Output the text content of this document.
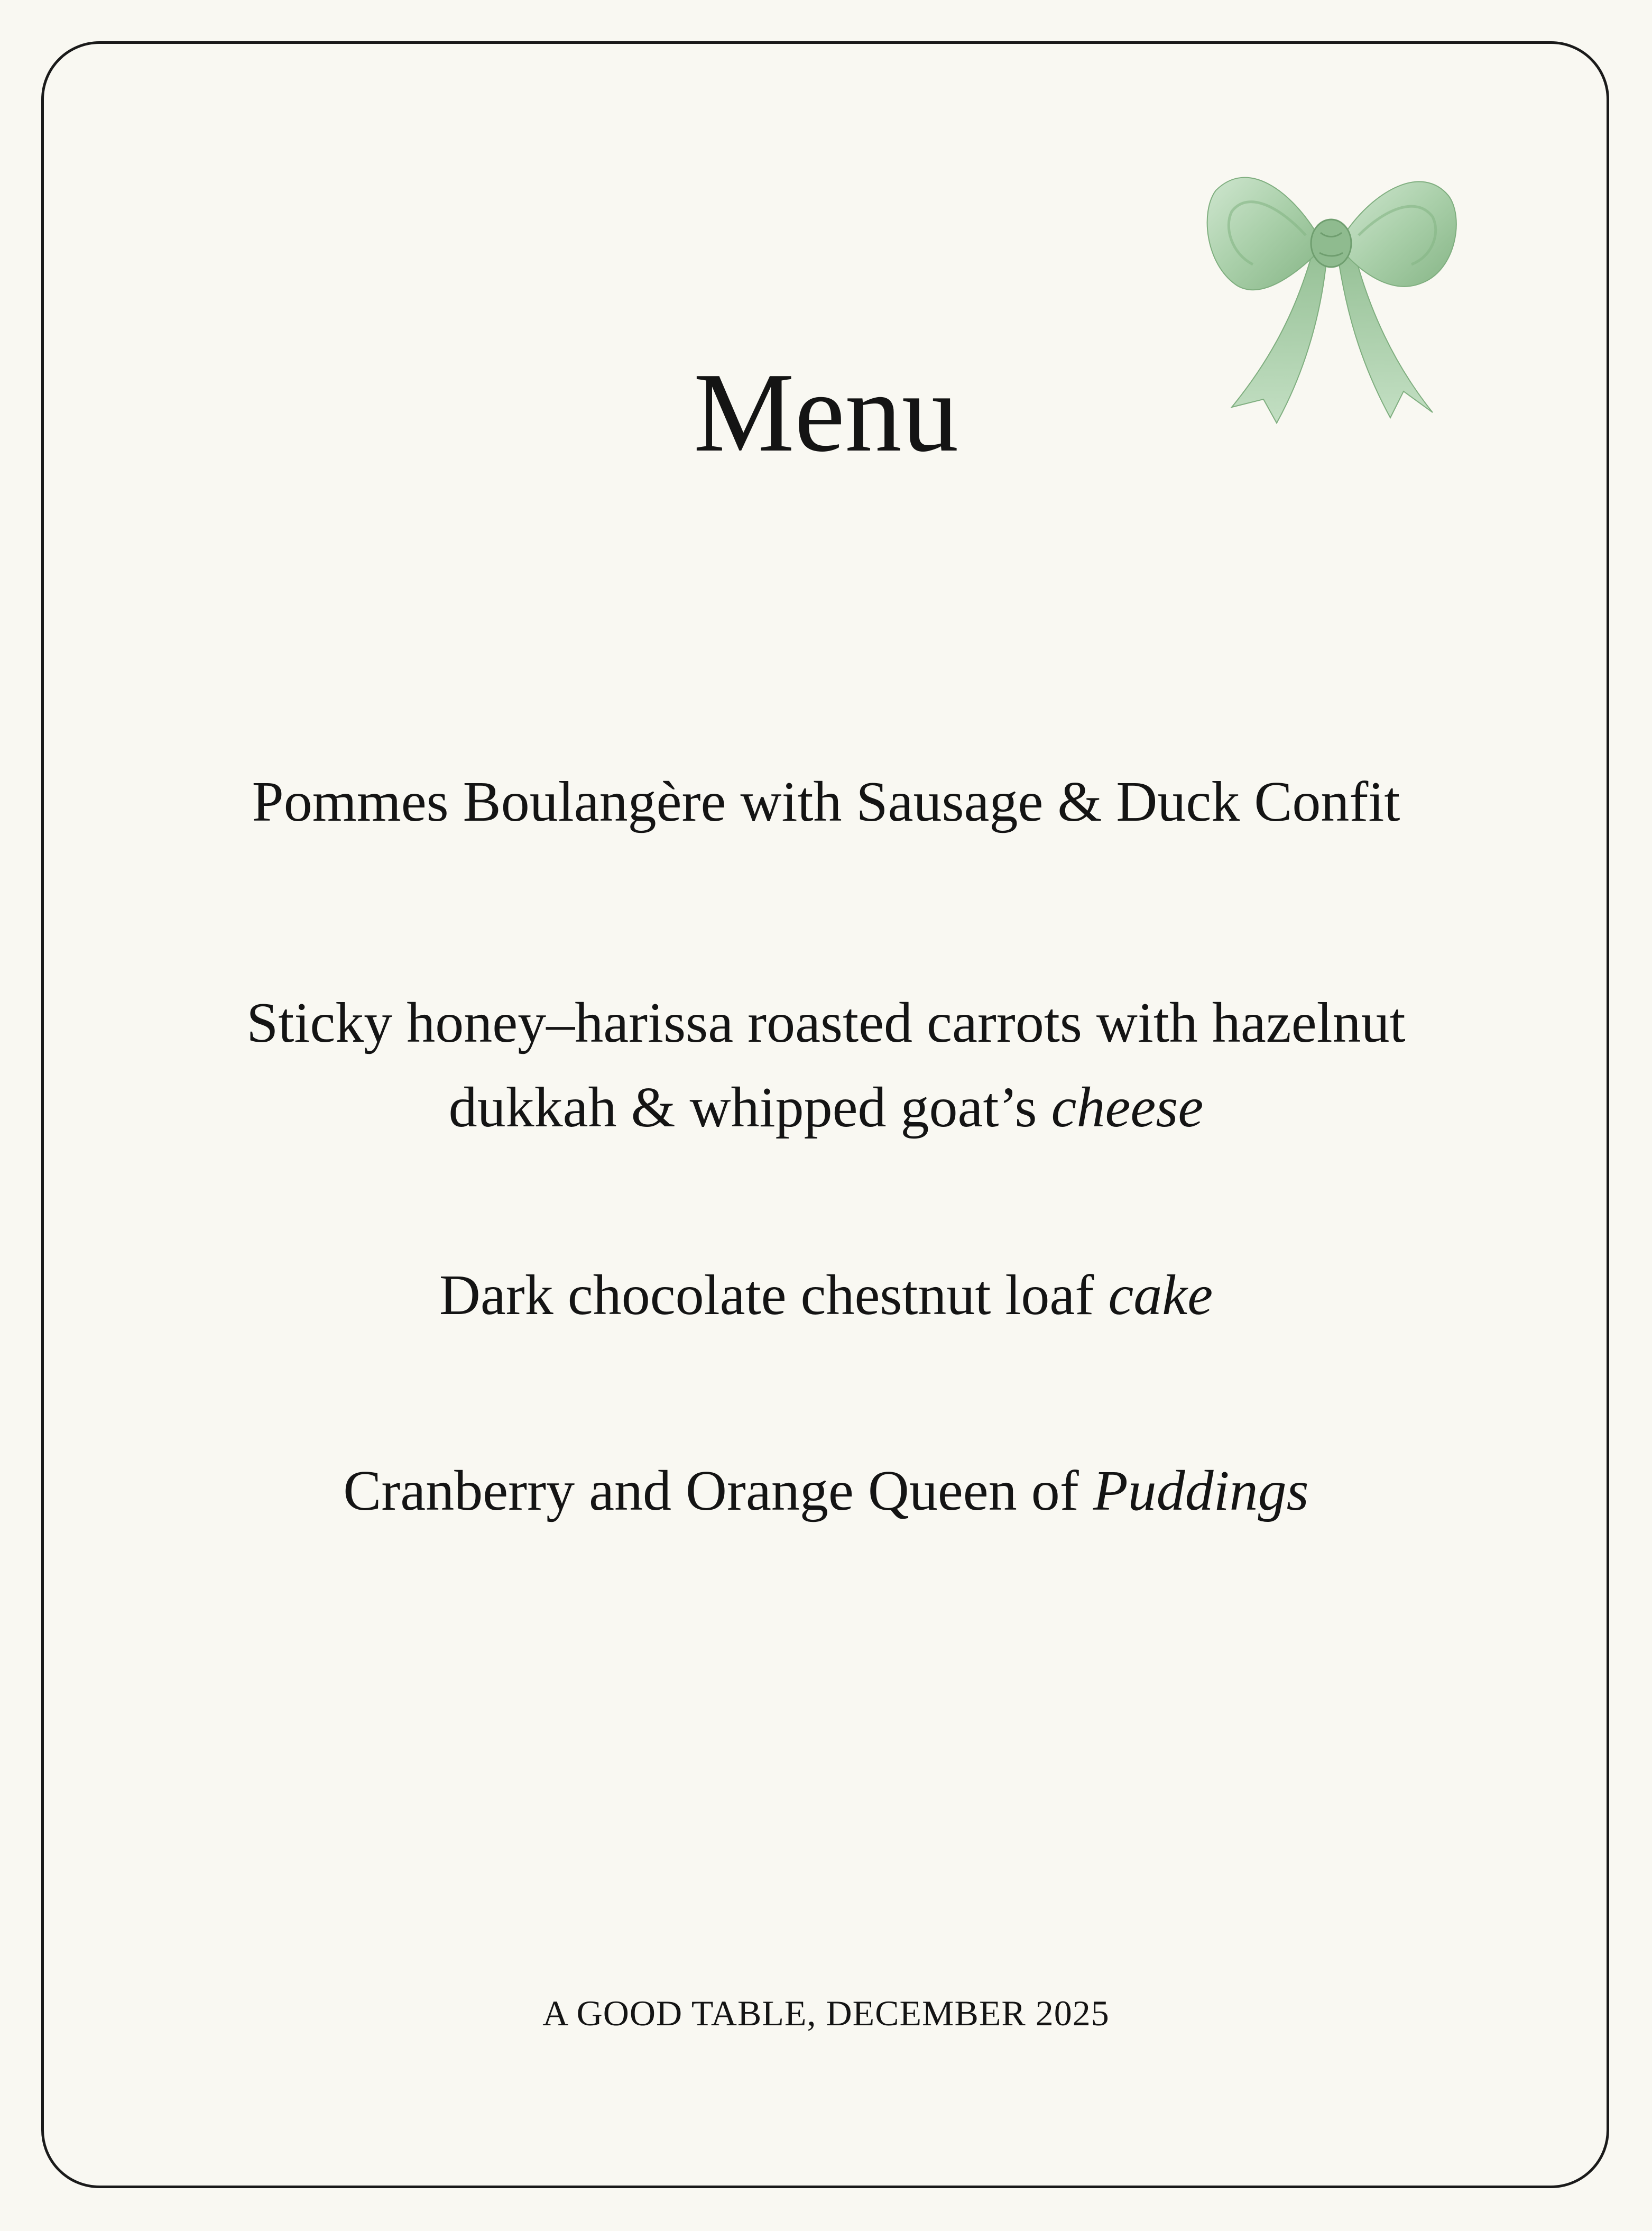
Menu

Pommes Boulangère with Sausage & Duck Confit

Sticky honey–harissa roasted carrots with hazelnut
dukkah & whipped goat’s cheese

Dark chocolate chestnut loaf cake

Cranberry and Orange Queen of Puddings

A GOOD TABLE, DECEMBER 2025
